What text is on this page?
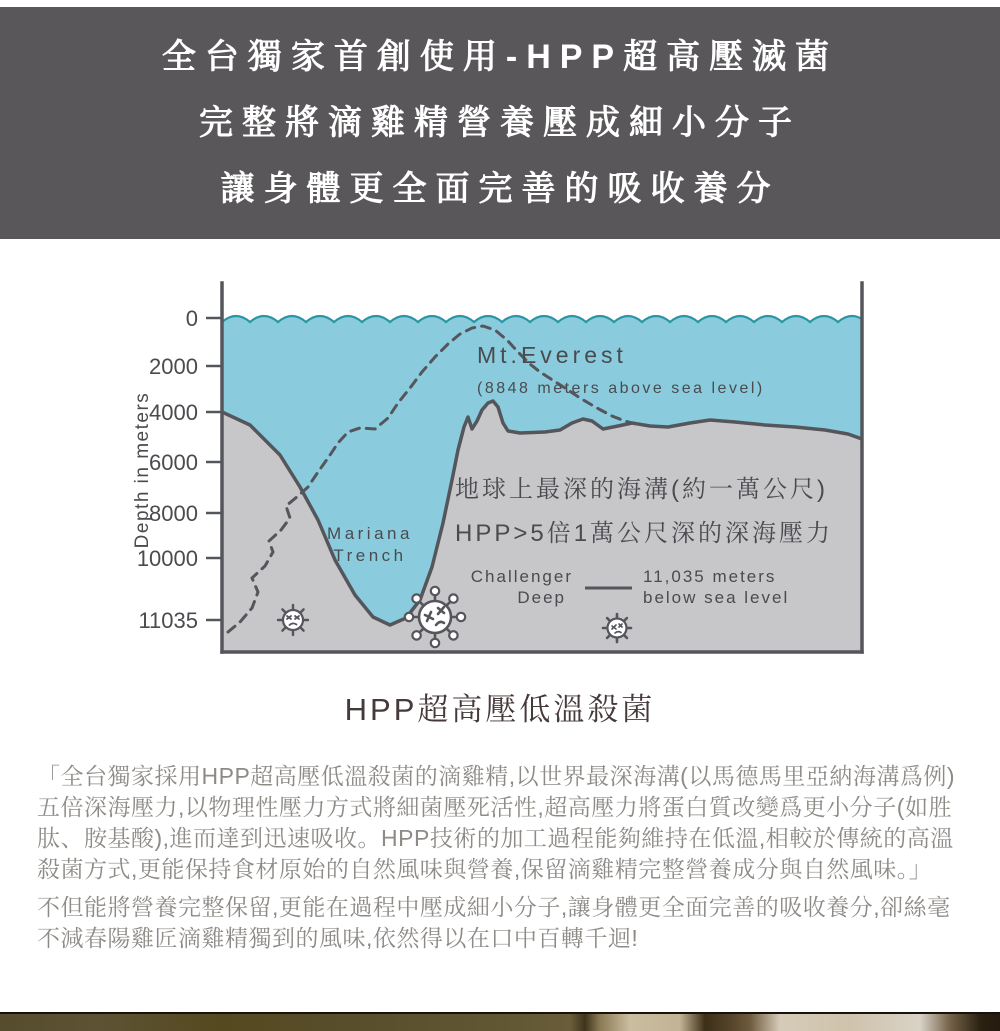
全台獨家首創使用-HPP超高壓滅菌
完整將滴雞精營養壓成細小分子
讓身體更全面完善的吸收養分
0
2000
4000
6000
8000
10000
11035
Depth in meters
Mt.Everest
(8848 meters above sea level)
Mariana
Trench
地球上最深的海溝(約一萬公尺)
HPP>5倍1萬公尺深的深海壓力
Challenger
Deep
11,035 meters
below sea level
HPP超高壓低溫殺菌

「全台獨家採用HPP超高壓低溫殺菌的滴雞精,以世界最深海溝(以馬德馬里亞納海溝爲例)五倍深海壓力,以物理性壓力方式將細菌壓死活性,超高壓力將蛋白質改變爲更小分子(如胜肽、胺基酸),進而達到迅速吸收。HPP技術的加工過程能夠維持在低溫,相較於傳統的高溫殺菌方式,更能保持食材原始的自然風味與營養,保留滴雞精完整營養成分與自然風味。」

不但能將營養完整保留,更能在過程中壓成細小分子,讓身體更全面完善的吸收養分,卻絲毫不減春陽雞匠滴雞精獨到的風味,依然得以在口中百轉千迴!
